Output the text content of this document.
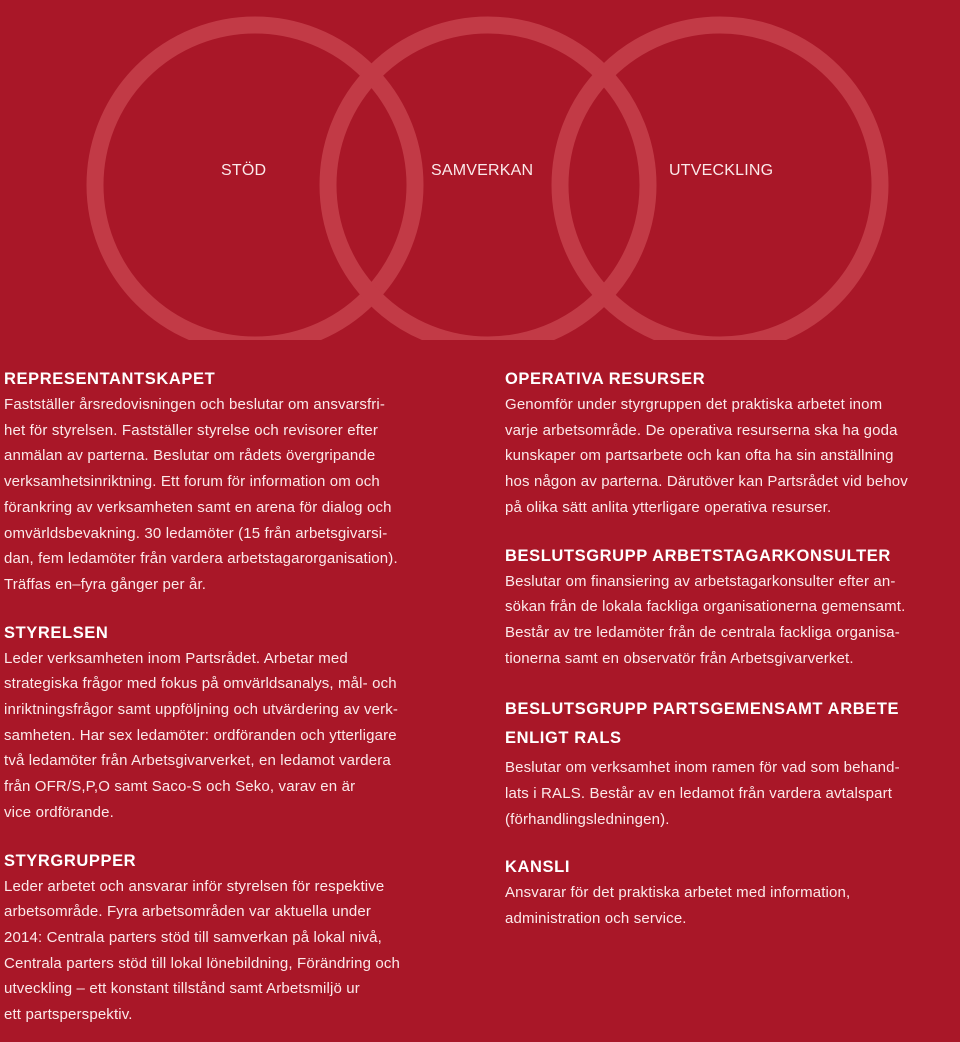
STÖD	SAMVERKAN	UTVECKLING
REPRESENTANTSKAPET

Fastställer årsredovisningen och beslutar om ansvarsfri-
het för styrelsen. Fastställer styrelse och revisorer efter
anmälan av parterna. Beslutar om rådets övergripande
verksamhetsinriktning. Ett forum för information om och
förankring av verksamheten samt en arena för dialog och
omvärldsbevakning. 30 ledamöter (15 från arbetsgivarsi-
dan, fem ledamöter från vardera arbetstagarorganisation).
Träffas en–fyra gånger per år.

STYRELSEN

Leder verksamheten inom Partsrådet. Arbetar med
strategiska frågor med fokus på omvärldsanalys, mål- och
inriktningsfrågor samt uppföljning och utvärdering av verk-
samheten. Har sex ledamöter: ordföranden och ytterligare
två ledamöter från Arbetsgivarverket, en ledamot vardera
från OFR/S,P,O samt Saco-S och Seko, varav en är
vice ordförande.

STYRGRUPPER

Leder arbetet och ansvarar inför styrelsen för respektive
arbetsområde. Fyra arbetsområden var aktuella under
2014: Centrala parters stöd till samverkan på lokal nivå,
Centrala parters stöd till lokal lönebildning, Förändring och
utveckling – ett konstant tillstånd samt Arbetsmiljö ur
ett partsperspektiv.

OPERATIVA RESURSER

Genomför under styrgruppen det praktiska arbetet inom
varje arbetsområde. De operativa resurserna ska ha goda
kunskaper om partsarbete och kan ofta ha sin anställning
hos någon av parterna. Därutöver kan Partsrådet vid behov
på olika sätt anlita ytterligare operativa resurser.

BESLUTSGRUPP ARBETSTAGARKONSULTER

Beslutar om finansiering av arbetstagarkonsulter efter an-
sökan från de lokala fackliga organisationerna gemensamt.
Består av tre ledamöter från de centrala fackliga organisa-
tionerna samt en observatör från Arbetsgivarverket.

BESLUTSGRUPP PARTSGEMENSAMT ARBETE ENLIGT RALS

Beslutar om verksamhet inom ramen för vad som behand-
lats i RALS. Består av en ledamot från vardera avtalspart
(förhandlingsledningen).

KANSLI

Ansvarar för det praktiska arbetet med information,
administration och service.
